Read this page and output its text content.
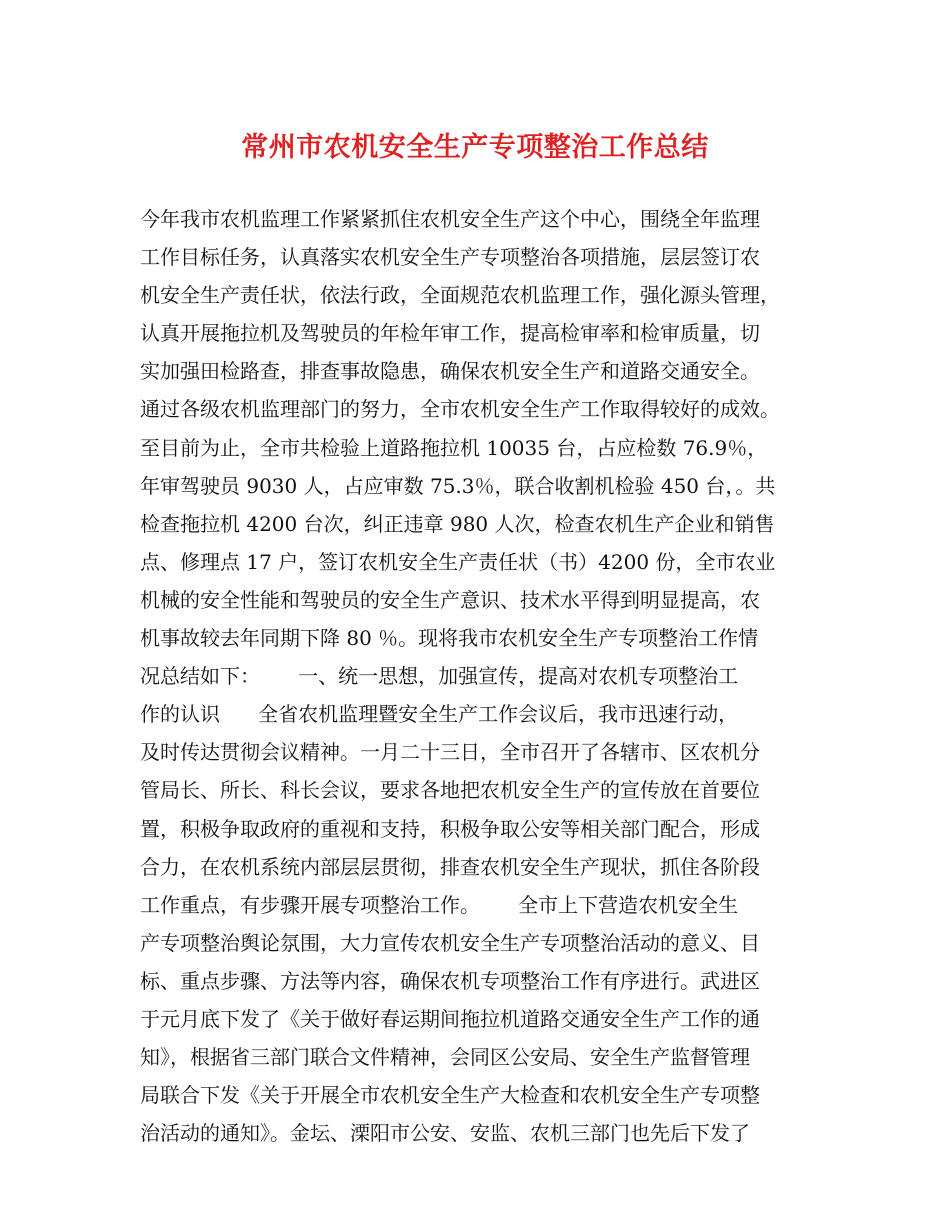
常州市农机安全生产专项整治工作总结
今年我市农机监理工作紧紧抓住农机安全生产这个中心，围绕全年监理
工作目标任务，认真落实农机安全生产专项整治各项措施，层层签订农
机安全生产责任状，依法行政，全面规范农机监理工作，强化源头管理，
认真开展拖拉机及驾驶员的年检年审工作，提高检审率和检审质量，切
实加强田检路查，排查事故隐患，确保农机安全生产和道路交通安全。
通过各级农机监理部门的努力，全市农机安全生产工作取得较好的成效。
至目前为止，全市共检验上道路拖拉机 10035 台，占应检数 76.9％，
年审驾驶员 9030 人，占应审数 75.3％，联合收割机检验 450 台，。共
检查拖拉机 4200 台次，纠正违章 980 人次，检查农机生产企业和销售
点、修理点 17 户，签订农机安全生产责任状（书）4200 份，全市农业
机械的安全性能和驾驶员的安全生产意识、技术水平得到明显提高，农
机事故较去年同期下降 80 ％。现将我市农机安全生产专项整治工作情
况总结如下：      一、统一思想，加强宣传，提高对农机专项整治工
作的认识      全省农机监理暨安全生产工作会议后，我市迅速行动，
及时传达贯彻会议精神。一月二十三日，全市召开了各辖市、区农机分
管局长、所长、科长会议，要求各地把农机安全生产的宣传放在首要位
置，积极争取政府的重视和支持，积极争取公安等相关部门配合，形成
合力，在农机系统内部层层贯彻，排查农机安全生产现状，抓住各阶段
工作重点，有步骤开展专项整治工作。      全市上下营造农机安全生
产专项整治舆论氛围，大力宣传农机安全生产专项整治活动的意义、目
标、重点步骤、方法等内容，确保农机专项整治工作有序进行。武进区
于元月底下发了《关于做好春运期间拖拉机道路交通安全生产工作的通
知》，根据省三部门联合文件精神，会同区公安局、安全生产监督管理
局联合下发《关于开展全市农机安全生产大检查和农机安全生产专项整
治活动的通知》。金坛、溧阳市公安、安监、农机三部门也先后下发了
